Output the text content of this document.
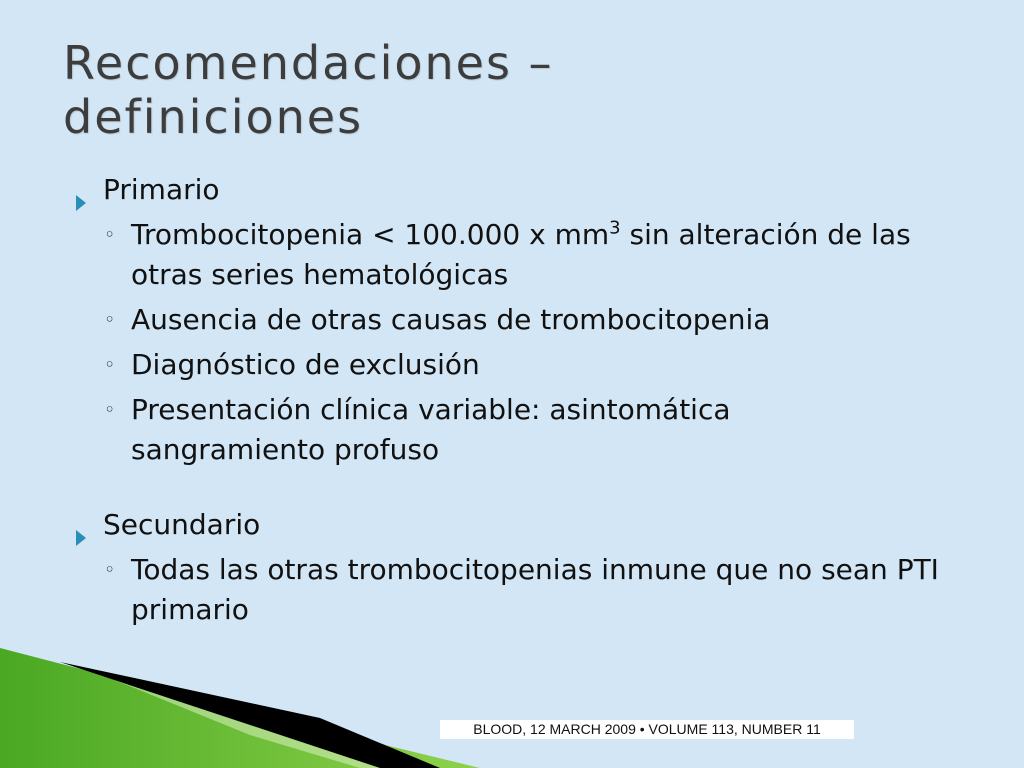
Recomendaciones –
definiciones
Primario
◦ Trombocitopenia < 100.000 x $mm^3$ sin alteración de las otras series hematológicas
◦ Ausencia de otras causas de trombocitopenia
◦ Diagnóstico de exclusión
◦ Presentación clínica variable: asintomática sangramiento profuso
Secundario
◦ Todas las otras trombocitopenias inmune que no sean PTI primario
BLOOD, 12 MARCH 2009 • VOLUME 113, NUMBER 11
